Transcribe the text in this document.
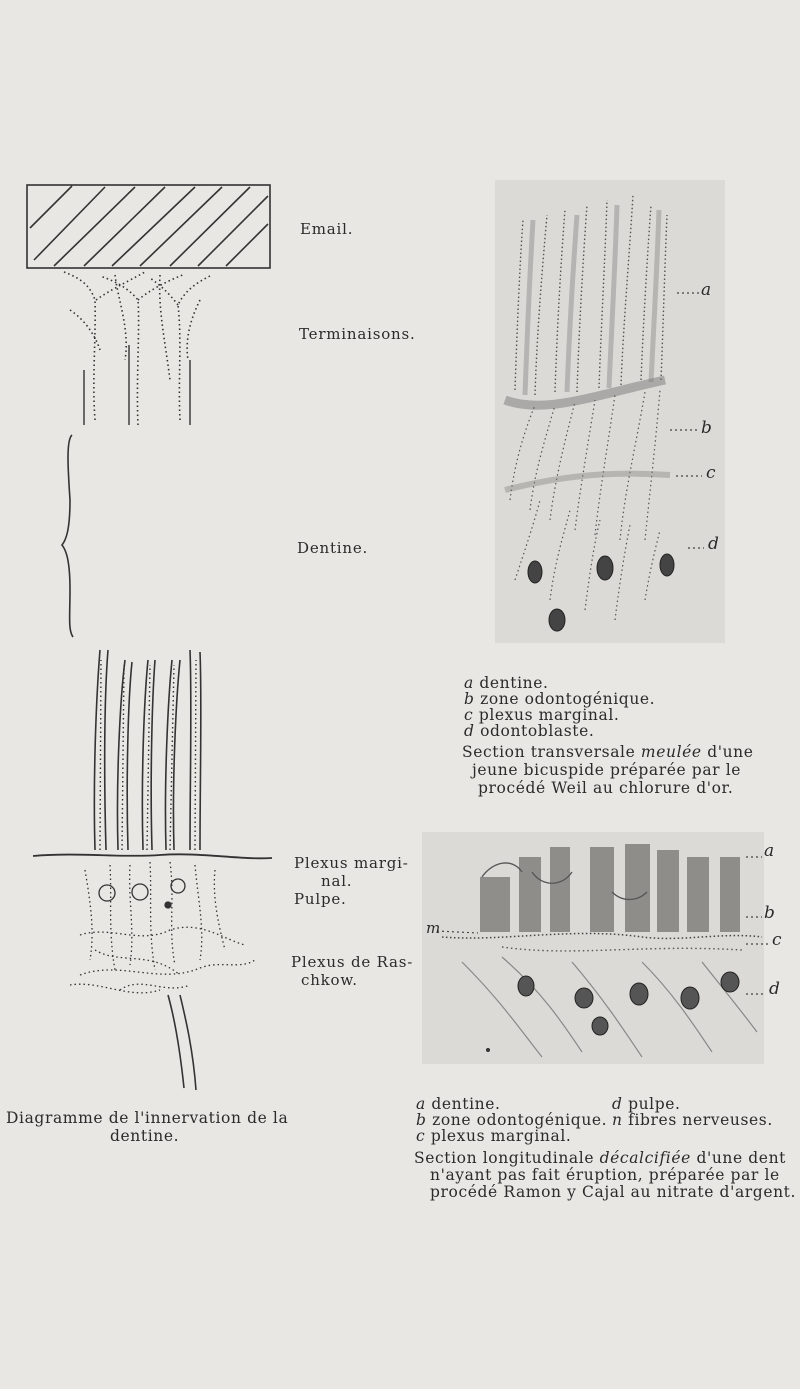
Email.
Terminaisons.
Dentine.
Plexus margi-
nal.
Pulpe.
Plexus de Ras-
chkow.
Diagramme de l'innervation de la
dentine.
a
b
c
d
a dentine.
b zone odontogénique.
c plexus marginal.
d odontoblaste.
Section transversale meulée d'une
jeune bicuspide préparée par le
procédé Weil au chlorure d'or.
a
b
c
d
m
a dentine.
b zone odontogénique.
c plexus marginal.
d pulpe.
n fibres nerveuses.
Section longitudinale décalcifiée d'une dent
n'ayant pas fait éruption, préparée par le
procédé Ramon y Cajal au nitrate d'argent.
